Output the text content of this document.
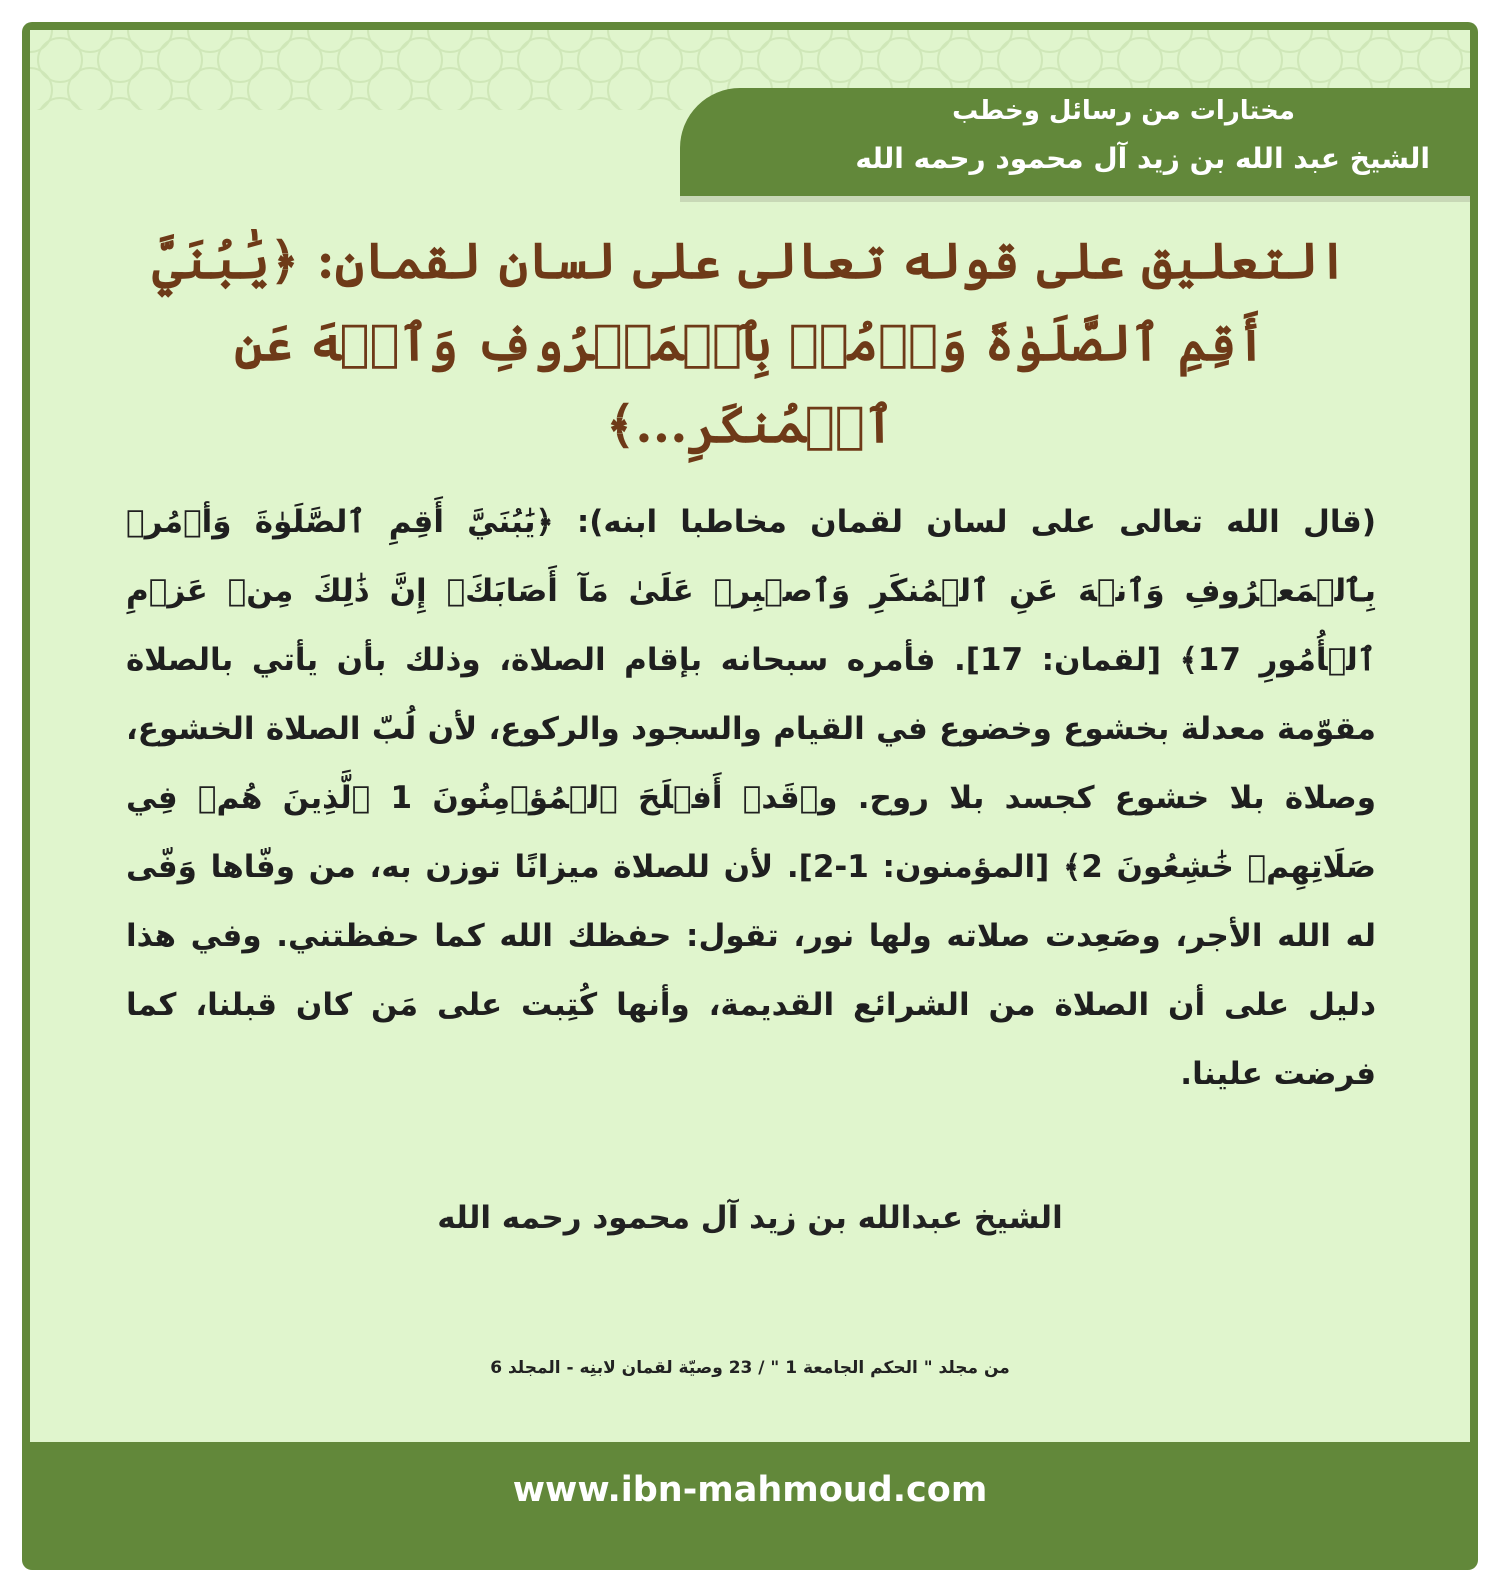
مختارات من رسائل وخطب
الشيخ عبد الله بن زيد آل محمود رحمه الله
التعليق على قوله تعالى على لسانِ لقمانِ: ﴿يَٰبُنَيَّ أَقِمِ ٱلصَّلَوٰةَ وَأۡمُرۡ بِٱلۡمَعۡرُوفِ وَٱنۡهَ عَنِ ٱلۡمُنكَرِ...﴾
(قال الله تعالى على لسان لقمان مخاطبا ابنه): ﴿يَٰبُنَيَّ أَقِمِ ٱلصَّلَوٰةَ وَأۡمُرۡ بِٱلۡمَعۡرُوفِ وَٱنۡهَ عَنِ ٱلۡمُنكَرِ وَٱصۡبِرۡ عَلَىٰ مَآ أَصَابَكَۖ إِنَّ ذَٰلِكَ مِنۡ عَزۡمِ ٱلۡأُمُورِ 17﴾ [لقمان: 17]. فأمره سبحانه بإقام الصلاة، وذلك بأن يأتي بالصلاة مقوّمة معدلة بخشوع وخضوع في القيام والسجود والركوع، لأن لُبّ الصلاة الخشوع، وصلاة بلا خشوع كجسد بلا روح. و﴿قَدۡ أَفۡلَحَ ٱلۡمُؤۡمِنُونَ 1 ٱلَّذِينَ هُمۡ فِي صَلَاتِهِمۡ خَٰشِعُونَ 2﴾ [المؤمنون: 1-2]. لأن للصلاة ميزانًا توزن به، من وفّاها وَفّى له الله الأجر، وصَعِدت صلاته ولها نور، تقول: حفظك الله كما حفظتني. وفي هذا دليل على أن الصلاة من الشرائع القديمة، وأنها كُتِبت على مَن كان قبلنا، كما فرضت علينا.
الشيخ عبدالله بن زيد آل محمود رحمه الله
من مجلد " الحكم الجامعة 1 " / 23 وصيّة لقمان لابنِه - المجلد 6
www.ibn-mahmoud.com
